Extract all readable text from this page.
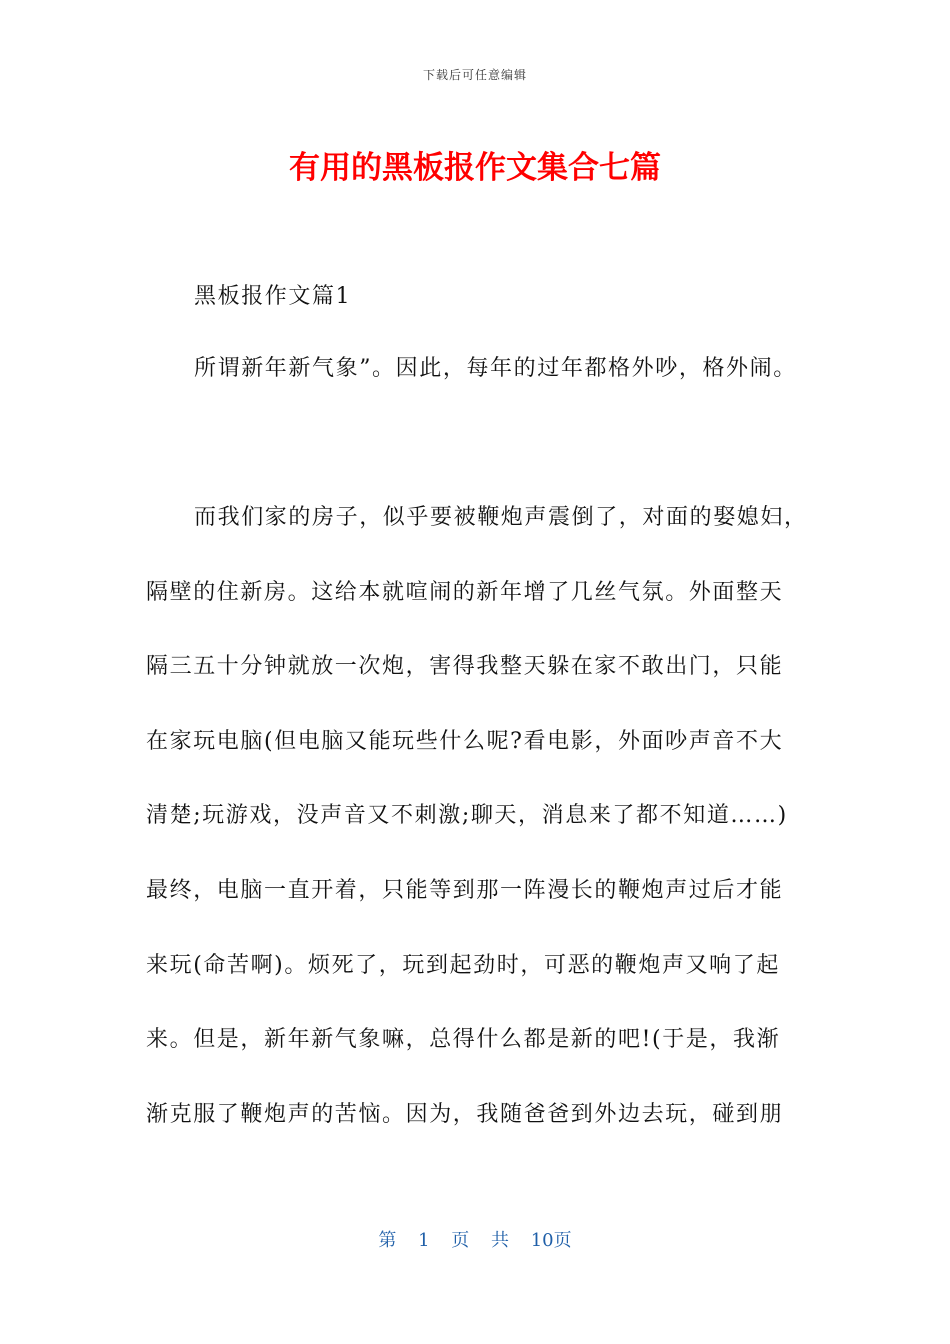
下载后可任意编辑
有用的黑板报作文集合七篇
黑板报作文篇1
所谓新年新气象”。因此，每年的过年都格外吵，格外闹。
而我们家的房子，似乎要被鞭炮声震倒了，对面的娶媳妇，
隔壁的住新房。这给本就喧闹的新年增了几丝气氛。外面整天
隔三五十分钟就放一次炮，害得我整天躲在家不敢出门，只能
在家玩电脑(但电脑又能玩些什么呢?看电影，外面吵声音不大
清楚;玩游戏，没声音又不刺激;聊天，消息来了都不知道……)
最终，电脑一直开着，只能等到那一阵漫长的鞭炮声过后才能
来玩(命苦啊)。烦死了，玩到起劲时，可恶的鞭炮声又响了起
来。但是，新年新气象嘛，总得什么都是新的吧!(于是，我渐
渐克服了鞭炮声的苦恼。因为，我随爸爸到外边去玩，碰到朋
第 1 页 共 10页
